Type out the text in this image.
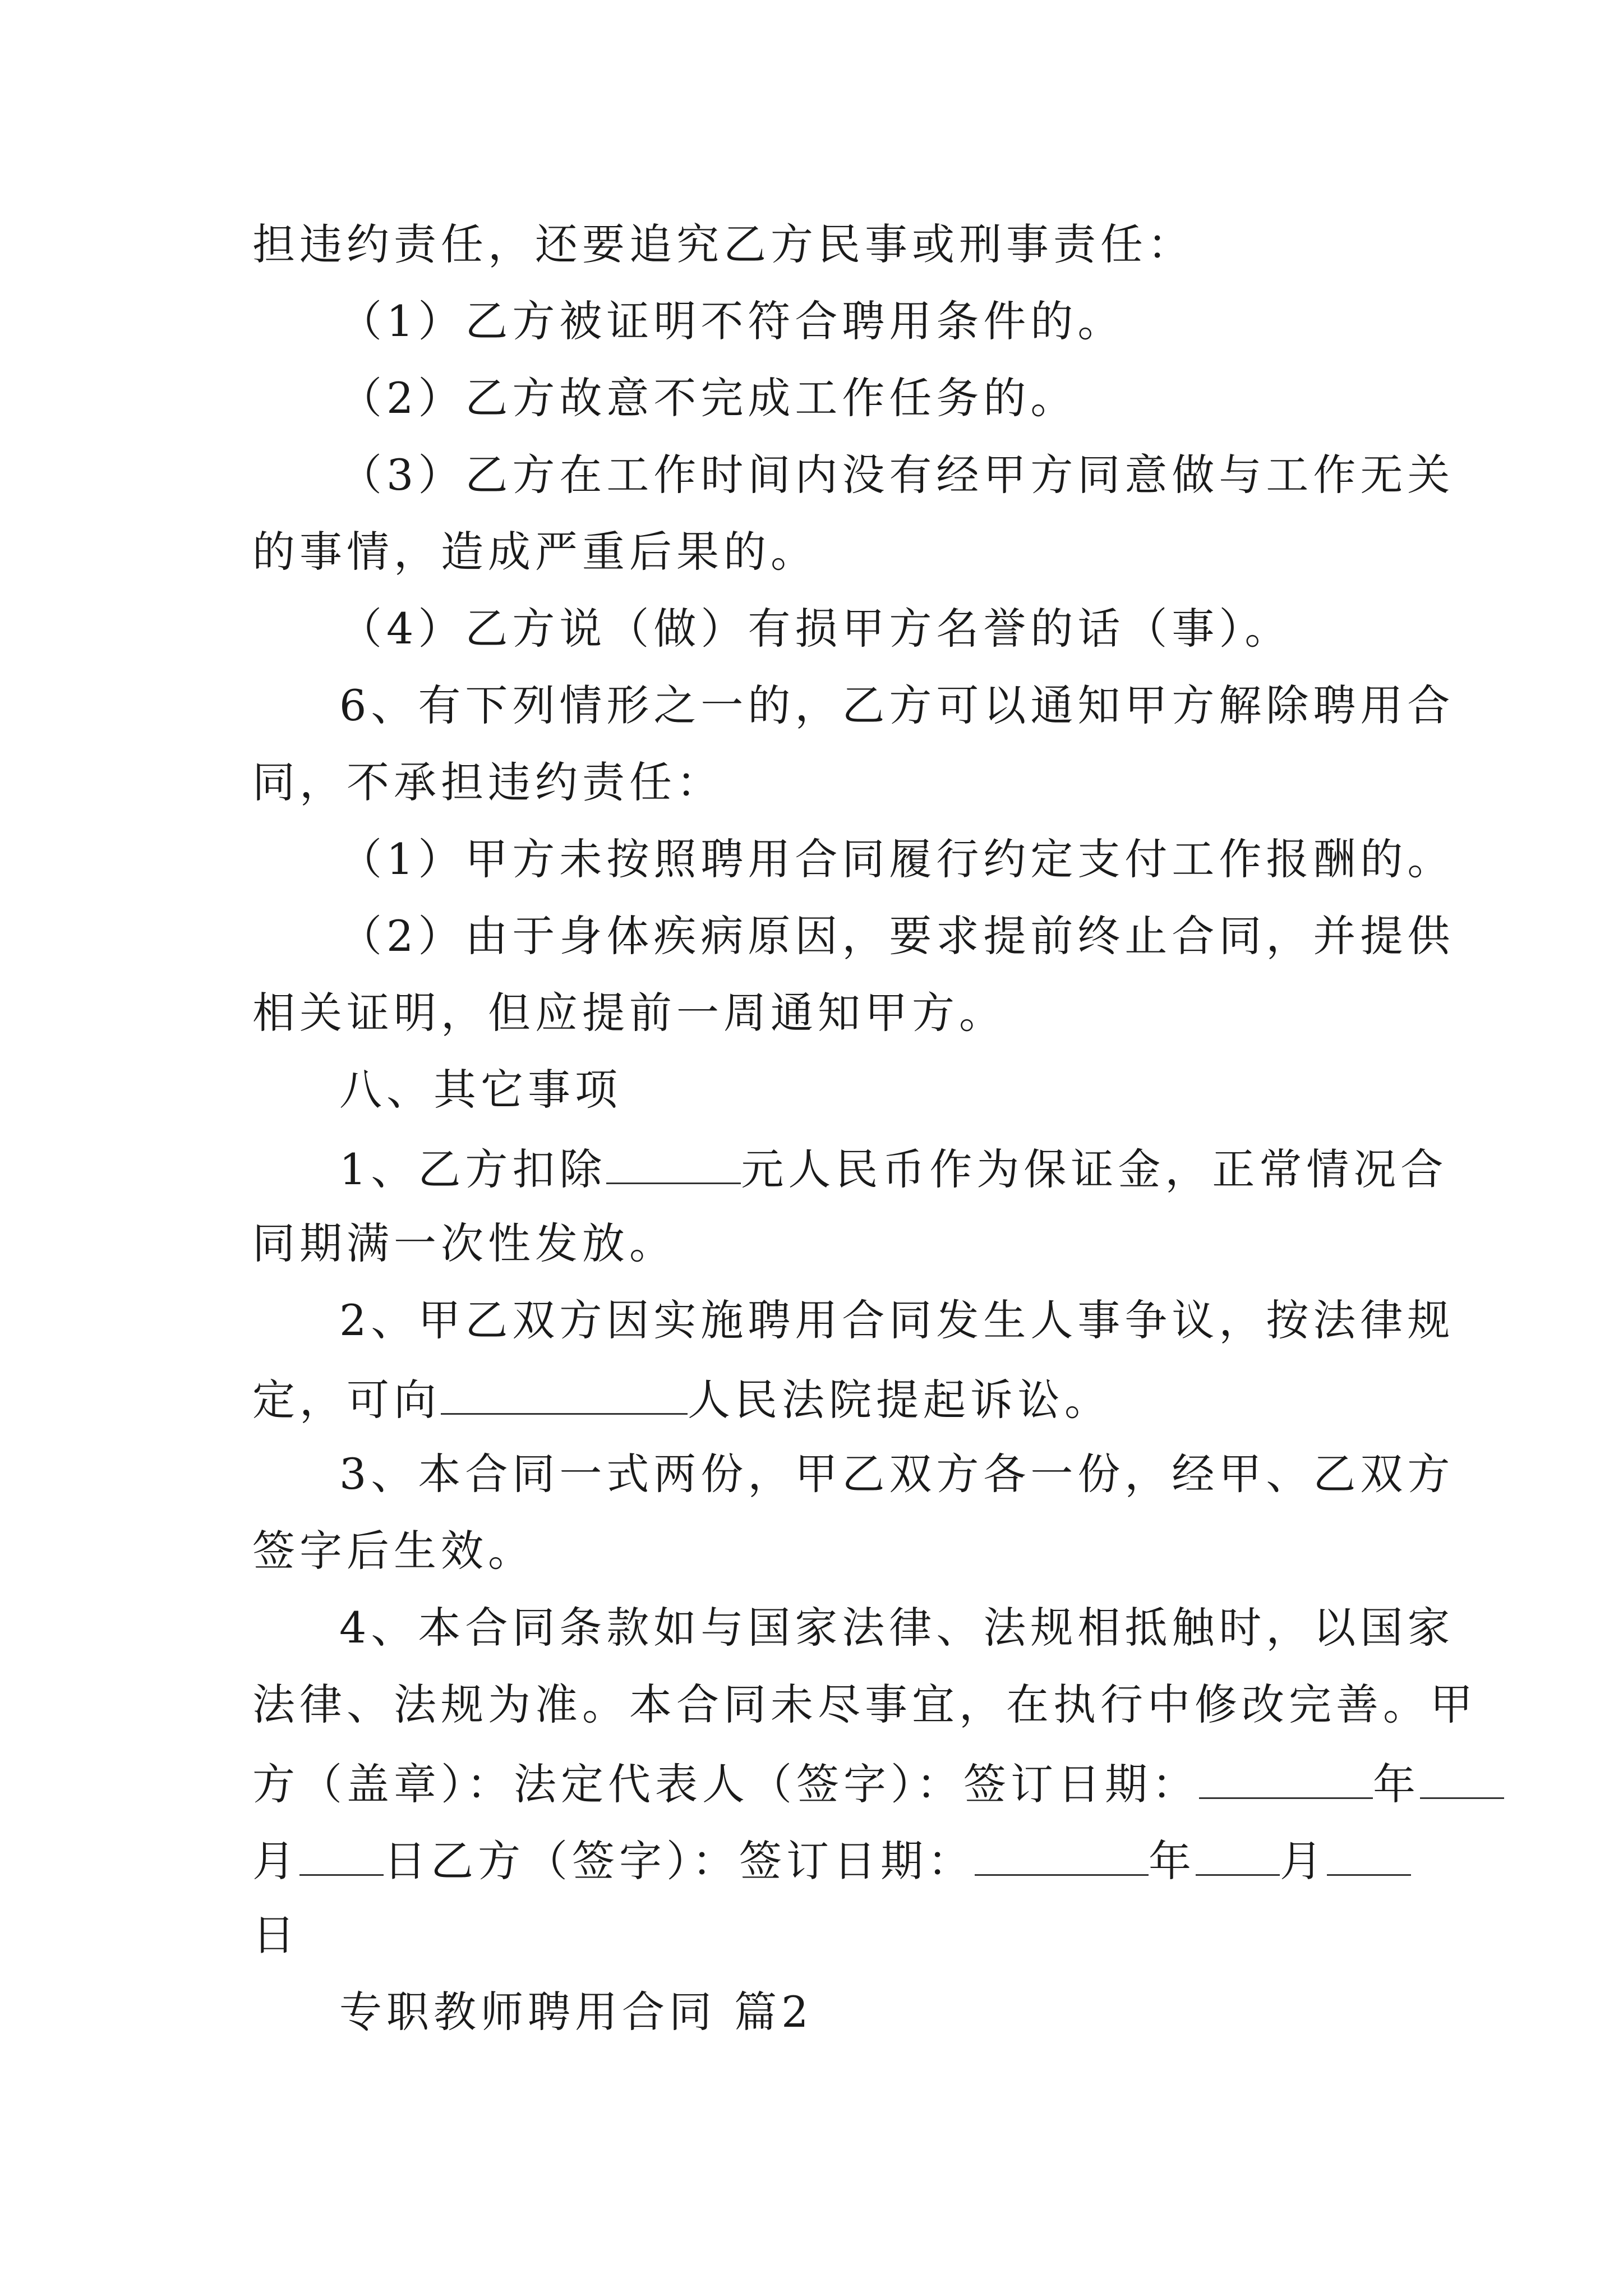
担违约责任，还要追究乙方民事或刑事责任：
（1）乙方被证明不符合聘用条件的。
（2）乙方故意不完成工作任务的。
（3）乙方在工作时间内没有经甲方同意做与工作无关
的事情，造成严重后果的。
（4）乙方说（做）有损甲方名誉的话（事）。
6、有下列情形之一的，乙方可以通知甲方解除聘用合
同，不承担违约责任：
（1）甲方未按照聘用合同履行约定支付工作报酬的。
（2）由于身体疾病原因，要求提前终止合同，并提供
相关证明，但应提前一周通知甲方。
八、其它事项
1、乙方扣除	元人民币作为保证金，正常情况合
同期满一次性发放。
2、甲乙双方因实施聘用合同发生人事争议，按法律规
定，可向	人民法院提起诉讼。
3、本合同一式两份，甲乙双方各一份，经甲、乙双方
签字后生效。
4、本合同条款如与国家法律、法规相抵触时，以国家
法律、法规为准。本合同未尽事宜，在执行中修改完善。甲
方（盖章）：法定代表人（签字）：签订日期：	年
月 日乙方（签字）：签订日期：	年 月
日
专职教师聘用合同 篇2
